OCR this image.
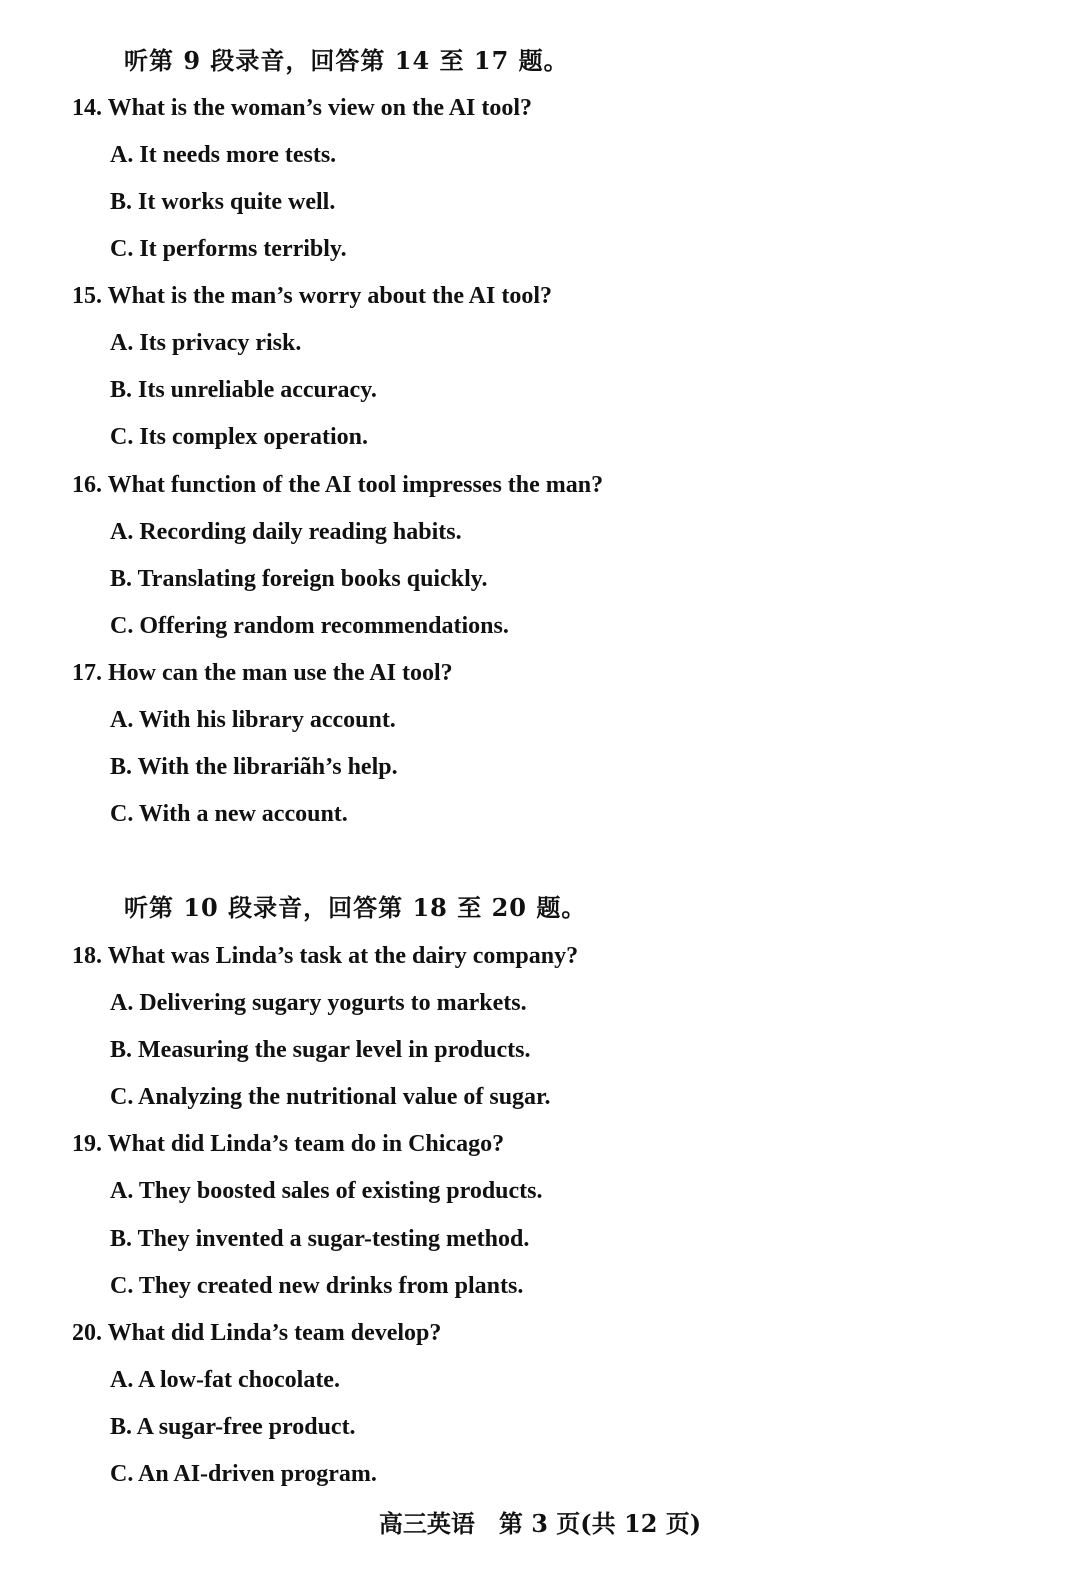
听第 9 段录音，回答第 14 至 17 题。
14. What is the woman’s view on the AI tool?
A. It needs more tests.
B. It works quite well.
C. It performs terribly.
15. What is the man’s worry about the AI tool?
A. Its privacy risk.
B. Its unreliable accuracy.
C. Its complex operation.
16. What function of the AI tool impresses the man?
A. Recording daily reading habits.
B. Translating foreign books quickly.
C. Offering random recommendations.
17. How can the man use the AI tool?
A. With his library account.
B. With the librariãh’s help.
C. With a new account.
听第 10 段录音，回答第 18 至 20 题。
18. What was Linda’s task at the dairy company?
A. Delivering sugary yogurts to markets.
B. Measuring the sugar level in products.
C. Analyzing the nutritional value of sugar.
19. What did Linda’s team do in Chicago?
A. They boosted sales of existing products.
B. They invented a sugar-testing method.
C. They created new drinks from plants.
20. What did Linda’s team develop?
A. A low-fat chocolate.
B. A sugar-free product.
C. An AI-driven program.
高三英语　第 3 页(共 12 页)
